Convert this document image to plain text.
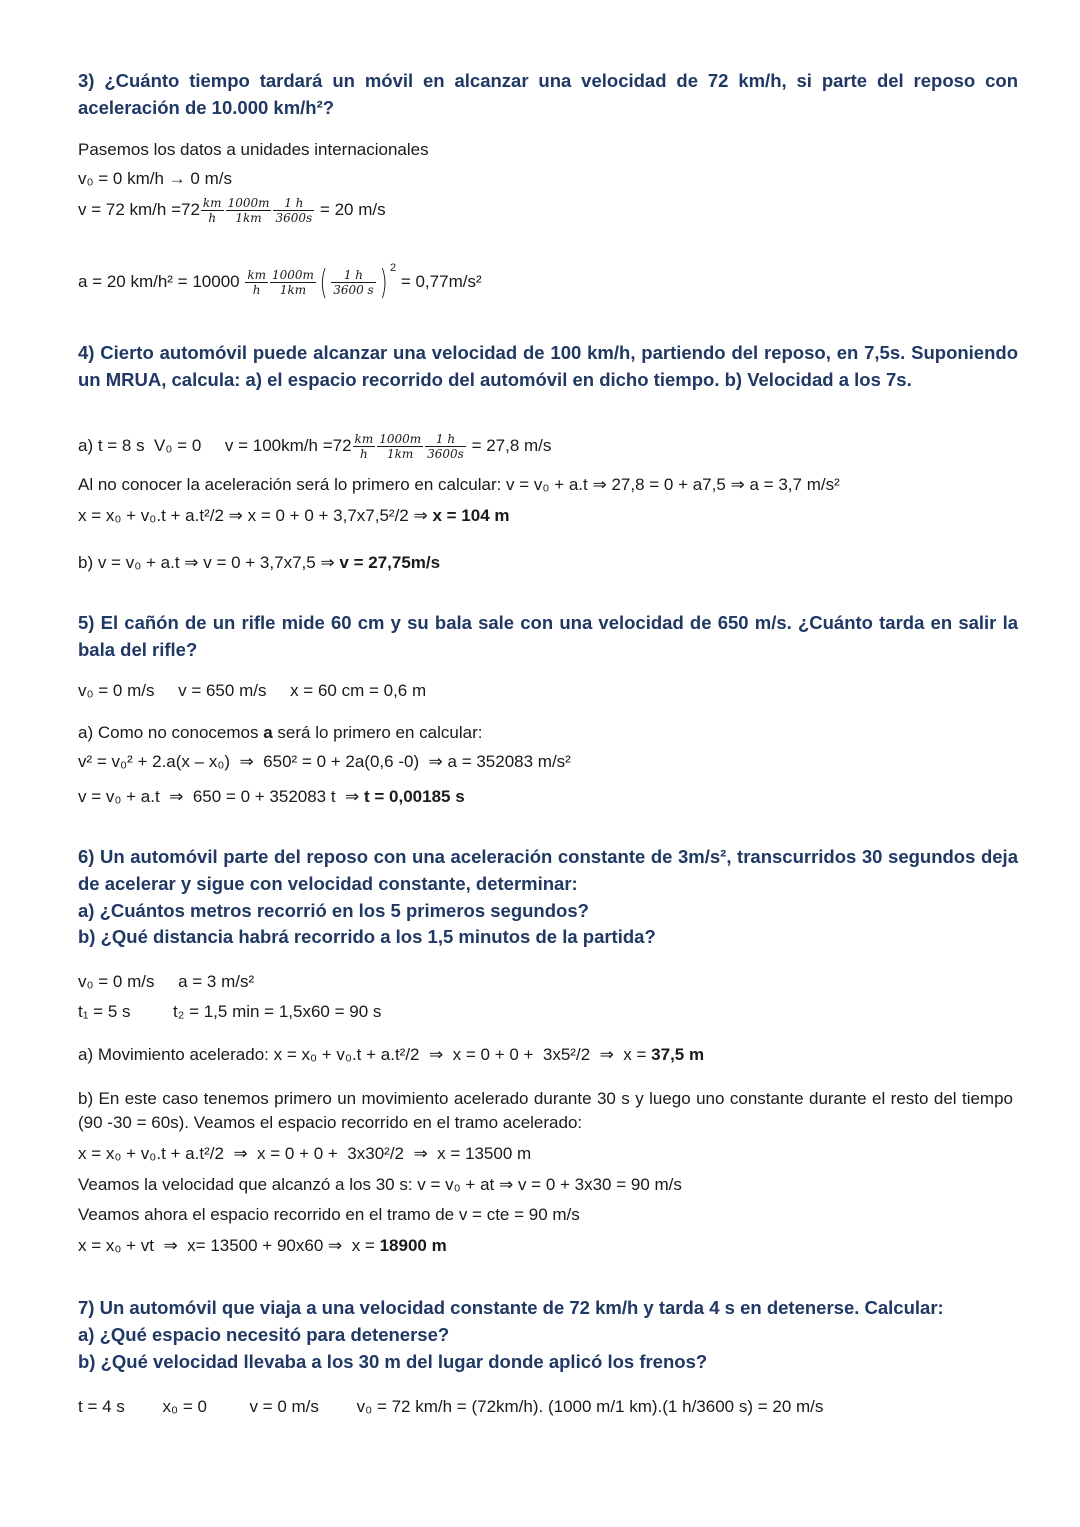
3) ¿Cuánto tiempo tardará un móvil en alcanzar una velocidad de 72 km/h, si parte del reposo con aceleración de 10.000 km/h²?

Pasemos los datos a unidades internacionales
v₀ = 0 km/h → 0 m/s
v = 72 $km/h =72 \frac{km}{h} \frac{1000m}{1km} \frac{1 h}{3600s} = 20$ m/s
a = 20 $km/h^2 = 10000 \frac{km}{h} \frac{1000m}{1km}$ ( $\frac{1 h}{3600 s}$ ) $^2$ = 0,77m/s²

4) Cierto automóvil puede alcanzar una velocidad de 100 km/h, partiendo del reposo, en 7,5s. Suponiendo un MRUA, calcula: a) el espacio recorrido del automóvil en dicho tiempo. b) Velocidad a los 7s.

a) t = 8 s  V₀ = 0     $v = 100km/h =72 \frac{km}{h} \frac{1000m}{1km} \frac{1 h}{3600s} = 27,8$ m/s
Al no conocer la aceleración será lo primero en calcular: v = v₀ + a.t ⇒ 27,8 = 0 + a7,5 ⇒ a = 3,7 m/s²
x = x₀ + v₀.t + a.t²/2 ⇒ x = 0 + 0 + 3,7x7,5²/2 ⇒ x = 104 m
b) v = v₀ + a.t ⇒ v = 0 + 3,7x7,5 ⇒ v = 27,75m/s

5) El cañón de un rifle mide 60 cm y su bala sale con una velocidad de 650 m/s. ¿Cuánto tarda en salir la bala del rifle?

v₀ = 0 m/s     v = 650 m/s     x = 60 cm = 0,6 m
a) Como no conocemos a será lo primero en calcular:
v² = v₀² + 2.a(x – x₀)  ⇒  650² = 0 + 2a(0,6 -0)  ⇒ a = 352083 m/s²
v = v₀ + a.t  ⇒  650 = 0 + 352083 t  ⇒ t = 0,00185 s

6) Un automóvil parte del reposo con una aceleración constante de 3m/s², transcurridos 30 segundos deja de acelerar y sigue con velocidad constante, determinar:

a) ¿Cuántos metros recorrió en los 5 primeros segundos?

b) ¿Qué distancia habrá recorrido a los 1,5 minutos de la partida?

v₀ = 0 m/s     a = 3 m/s²
t₁ = 5 s         t₂ = 1,5 min = 1,5x60 = 90 s
a) Movimiento acelerado: x = x₀ + v₀.t + a.t²/2  ⇒  x = 0 + 0 +  3x5²/2  ⇒  x = 37,5 m
b) En este caso tenemos primero un movimiento acelerado durante 30 s y luego uno constante durante el resto del tiempo (90 -30 = 60s). Veamos el espacio recorrido en el tramo acelerado:
x = x₀ + v₀.t + a.t²/2  ⇒  x = 0 + 0 +  3x30²/2  ⇒  x = 13500 m
Veamos la velocidad que alcanzó a los 30 s: v = v₀ + at ⇒ v = 0 + 3x30 = 90 m/s
Veamos ahora el espacio recorrido en el tramo de v = cte = 90 m/s
x = x₀ + vt  ⇒  x= 13500 + 90x60 ⇒  x = 18900 m

7) Un automóvil que viaja a una velocidad constante de 72 km/h y tarda 4 s en detenerse. Calcular:

a) ¿Qué espacio necesitó para detenerse?

b) ¿Qué velocidad llevaba a los 30 m del lugar donde aplicó los frenos?

t = 4 s        x₀ = 0         v = 0 m/s        v₀ = 72 km/h = (72km/h). (1000 m/1 km).(1 h/3600 s) = 20 m/s
